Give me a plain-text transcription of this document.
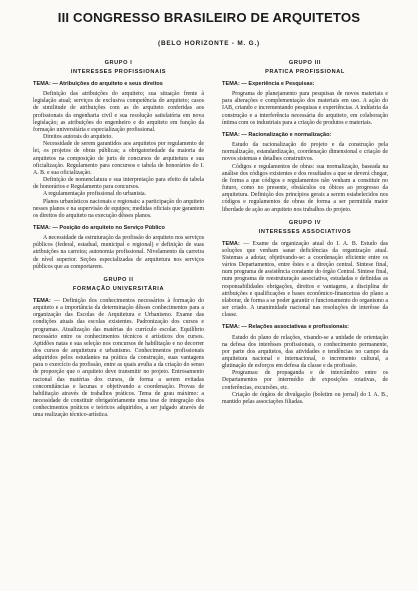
III CONGRESSO BRASILEIRO DE ARQUITETOS
(BELO HORIZONTE - M. G.)
GRUPO I
INTERESSES PROFISSIONAIS

TEMA: — Atribuições do arquiteto e seus direitos

Definição das atribuições do arquiteto; sua situação frente à legislação atual; serviços de exclusiva competência do arquiteto; casos de similitude de atribuições com as do arquiteto conferidas aos profissionais da engenharia civil e sua resolução satisfatória em nova legislação; as atribuições do engenheiro e do arquiteto em função da formação universitária e especialização profissional.

Direitos autorais do arquiteto.

Necessidade de serem garantidos aos arquitetos por regulamento de lei, os projetos de obras públicas; a obrigatoriedade da maioria de arquitetos na composição de juris de concursos de arquitetura e sua oficialização. Regulamento para concursos e tabela de honorários do I. A. B. e sua oficialização.

Definição de nomenclatura e sua interpretação para efeito de tabela de honorários e Regulamento para concursos.

A regulamentação profissional do urbanista.

Planos urbanísticos nacionais e regionais: a participação do arquiteto nesses planos e na supervisão de equipes; medidas oficiais que garantem os direitos do arquiteto na execução dêsses planos.

TEMA: — Posição do arquiteto no Serviço Público

A necessidade da estruturação da profissão do arquiteto nos serviços públicos (federal, estadual, municipal e regional) e definição de suas atribuições na carreira; autonomia profissional. Nivelamento da carreira de nível superior. Seções especializadas de arquitetura nos serviços públicos que as comportarem.

GRUPO II
FORMAÇÃO UNIVERSITÁRIA

TEMA: — Definição dos conhecimentos necessários à formação do arquiteto e a importância da determinação dêsses conhecimentos para a organização das Escolas de Arquitetura e Urbanismo. Exame das condições atuais das escolas existentes. Padronização dos cursos e programas. Atualização das matérias do currículo escolar. Equilíbrio necessário entre os conhecimentos técnicos e artísticos dos cursos. Aptidões natas e sua seleção nos concursos de habilitação e no decorrer dos cursos de arquitetura e urbanismo. Conhecimentos profissionais adquiridos pelos estudantes na prática da construção, suas vantagens para o exercício da profissão, entre as quais avulta a da criação do senso de proporção que o arquiteto deve transmitir no projeto. Entrosamento racional das matérias dos cursos, de forma a serem evitadas concomitâncias e lacunas e objetivando a coordenação. Provas de habilitação através de trabalhos práticos. Tema de grau máximo: a necessidade de constituir obrigatòriamente uma tese de integração dos conhecimentos práticos e teóricos adquiridos, a ser julgado através de uma realização técnico-artística.

GRUPO III
PRATICA PROFISSIONAL

TEMA: — Experiência e Pesquisas:

Programa de planejamento para pesquisas de novos materiais e para alterações e complementação dos materiais em uso. A ação do IAB, criando e incrementando pesquisas e experiências. A indústria da construção e a interferência necessária do arquiteto, em colaboração íntima com os industriais para a criação de produtos e materiais.

TEMA: — Racionalização e normalização:

Estudo da racionalização do projeto e da construção pela normalização, estandardização, coordenação dimensional e criação de novos sistemas e detalhes construtivos.

Códigos e regulamentos de obras: sua normalização, baseada na análise dos códigos existentes e dos resultados a que se deverá chegar, de forma a que códigos e regulamentos não venham a constituir no futuro, como no presente, obstáculos ou óbices ao progresso da arquitetura. Definição dos princípios gerais a serem estabelecidos nos códigos e regulamentos de obras de forma a ser permitida maior liberdade de ação ao arquiteto nos trabalhos do projeto.

GRUPO IV
INTERESSES ASSOCIATIVOS

TEMA: — Exame da organização atual do I. A. B. Estudo das soluções que venham sanar deficiências da organização atual. Sistemas a adotar, objetivando-se: a coordenação eficiente entre os vários Departamentos, entre êstes e a direção central. Sintese final, num programa de assistência constante do órgão Central. Sintese final, num programa de reestruturação associativa, estudadas e definidas as responsabilidades obrigações, direitos e vantagens, a disciplina de atribuições e qualificações e bases econômico-financeiras do plano a elaborar, de forma a se poder garantir o funcionamento do organismo a ser criado. A unanimidade nacional nas resoluções de interêsse da classe.

TEMA: — Relações associativas e profissionais:

Estudo do plano de relações, visando-se a unidade de orientação na defesa dos interêsses profissionais, o conhecimento permanente, por parte dos arquitetos, das atividades e tendências no campo da arquitetura nacional e internacional, o incremento cultural, a glutinação de esforços em defesa da classe e da profissão.

Programas: de propaganda e de intercâmbio entre os Departamentos por intermédio de exposições rotativas, de conferências, excursões, etc.

Criação de órgãos de divulgação (boletim ou jornal) do I. A. B., mantido pelas associações filiadas.
